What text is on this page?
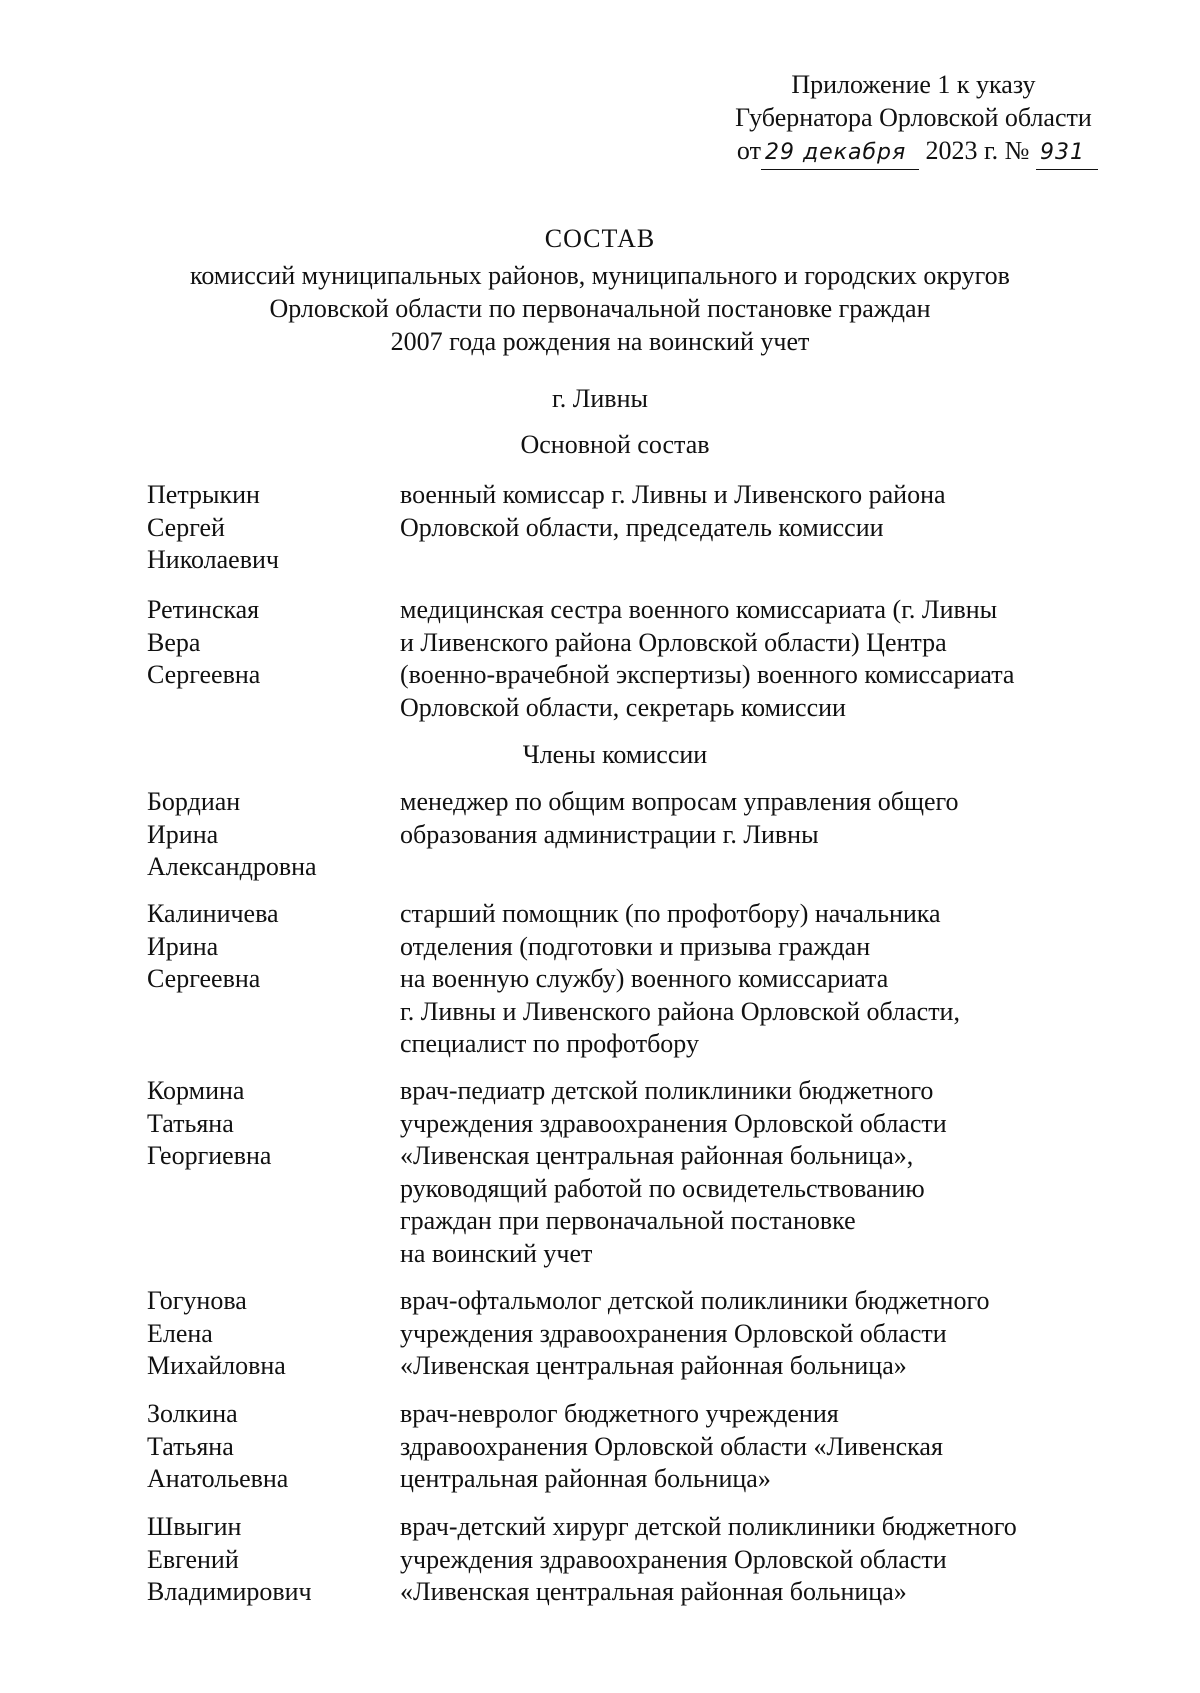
Приложение 1 к указу
Губернатора Орловской области
от 29 декабря 2023 г. № 931
СОСТАВ
комиссий муниципальных районов, муниципального и городских округов
Орловской области по первоначальной постановке граждан
2007 года рождения на воинский учет
г. Ливны
Основной состав
Петрыкин
Сергей
Николаевич
военный комиссар г. Ливны и Ливенского района
Орловской области, председатель комиссии
Ретинская
Вера
Сергеевна
медицинская сестра военного комиссариата (г. Ливны
и Ливенского района Орловской области) Центра
(военно-врачебной экспертизы) военного комиссариата
Орловской области, секретарь комиссии
Члены комиссии
Бордиан
Ирина
Александровна
менеджер по общим вопросам управления общего
образования администрации г. Ливны
Калиничева
Ирина
Сергеевна
старший помощник (по профотбору) начальника
отделения (подготовки и призыва граждан
на военную службу) военного комиссариата
г. Ливны и Ливенского района Орловской области,
специалист по профотбору
Кормина
Татьяна
Георгиевна
врач-педиатр детской поликлиники бюджетного
учреждения здравоохранения Орловской области
«Ливенская центральная районная больница»,
руководящий работой по освидетельствованию
граждан при первоначальной постановке
на воинский учет
Гогунова
Елена
Михайловна
врач-офтальмолог детской поликлиники бюджетного
учреждения здравоохранения Орловской области
«Ливенская центральная районная больница»
Золкина
Татьяна
Анатольевна
врач-невролог бюджетного учреждения
здравоохранения Орловской области «Ливенская
центральная районная больница»
Швыгин
Евгений
Владимирович
врач-детский хирург детской поликлиники бюджетного
учреждения здравоохранения Орловской области
«Ливенская центральная районная больница»
